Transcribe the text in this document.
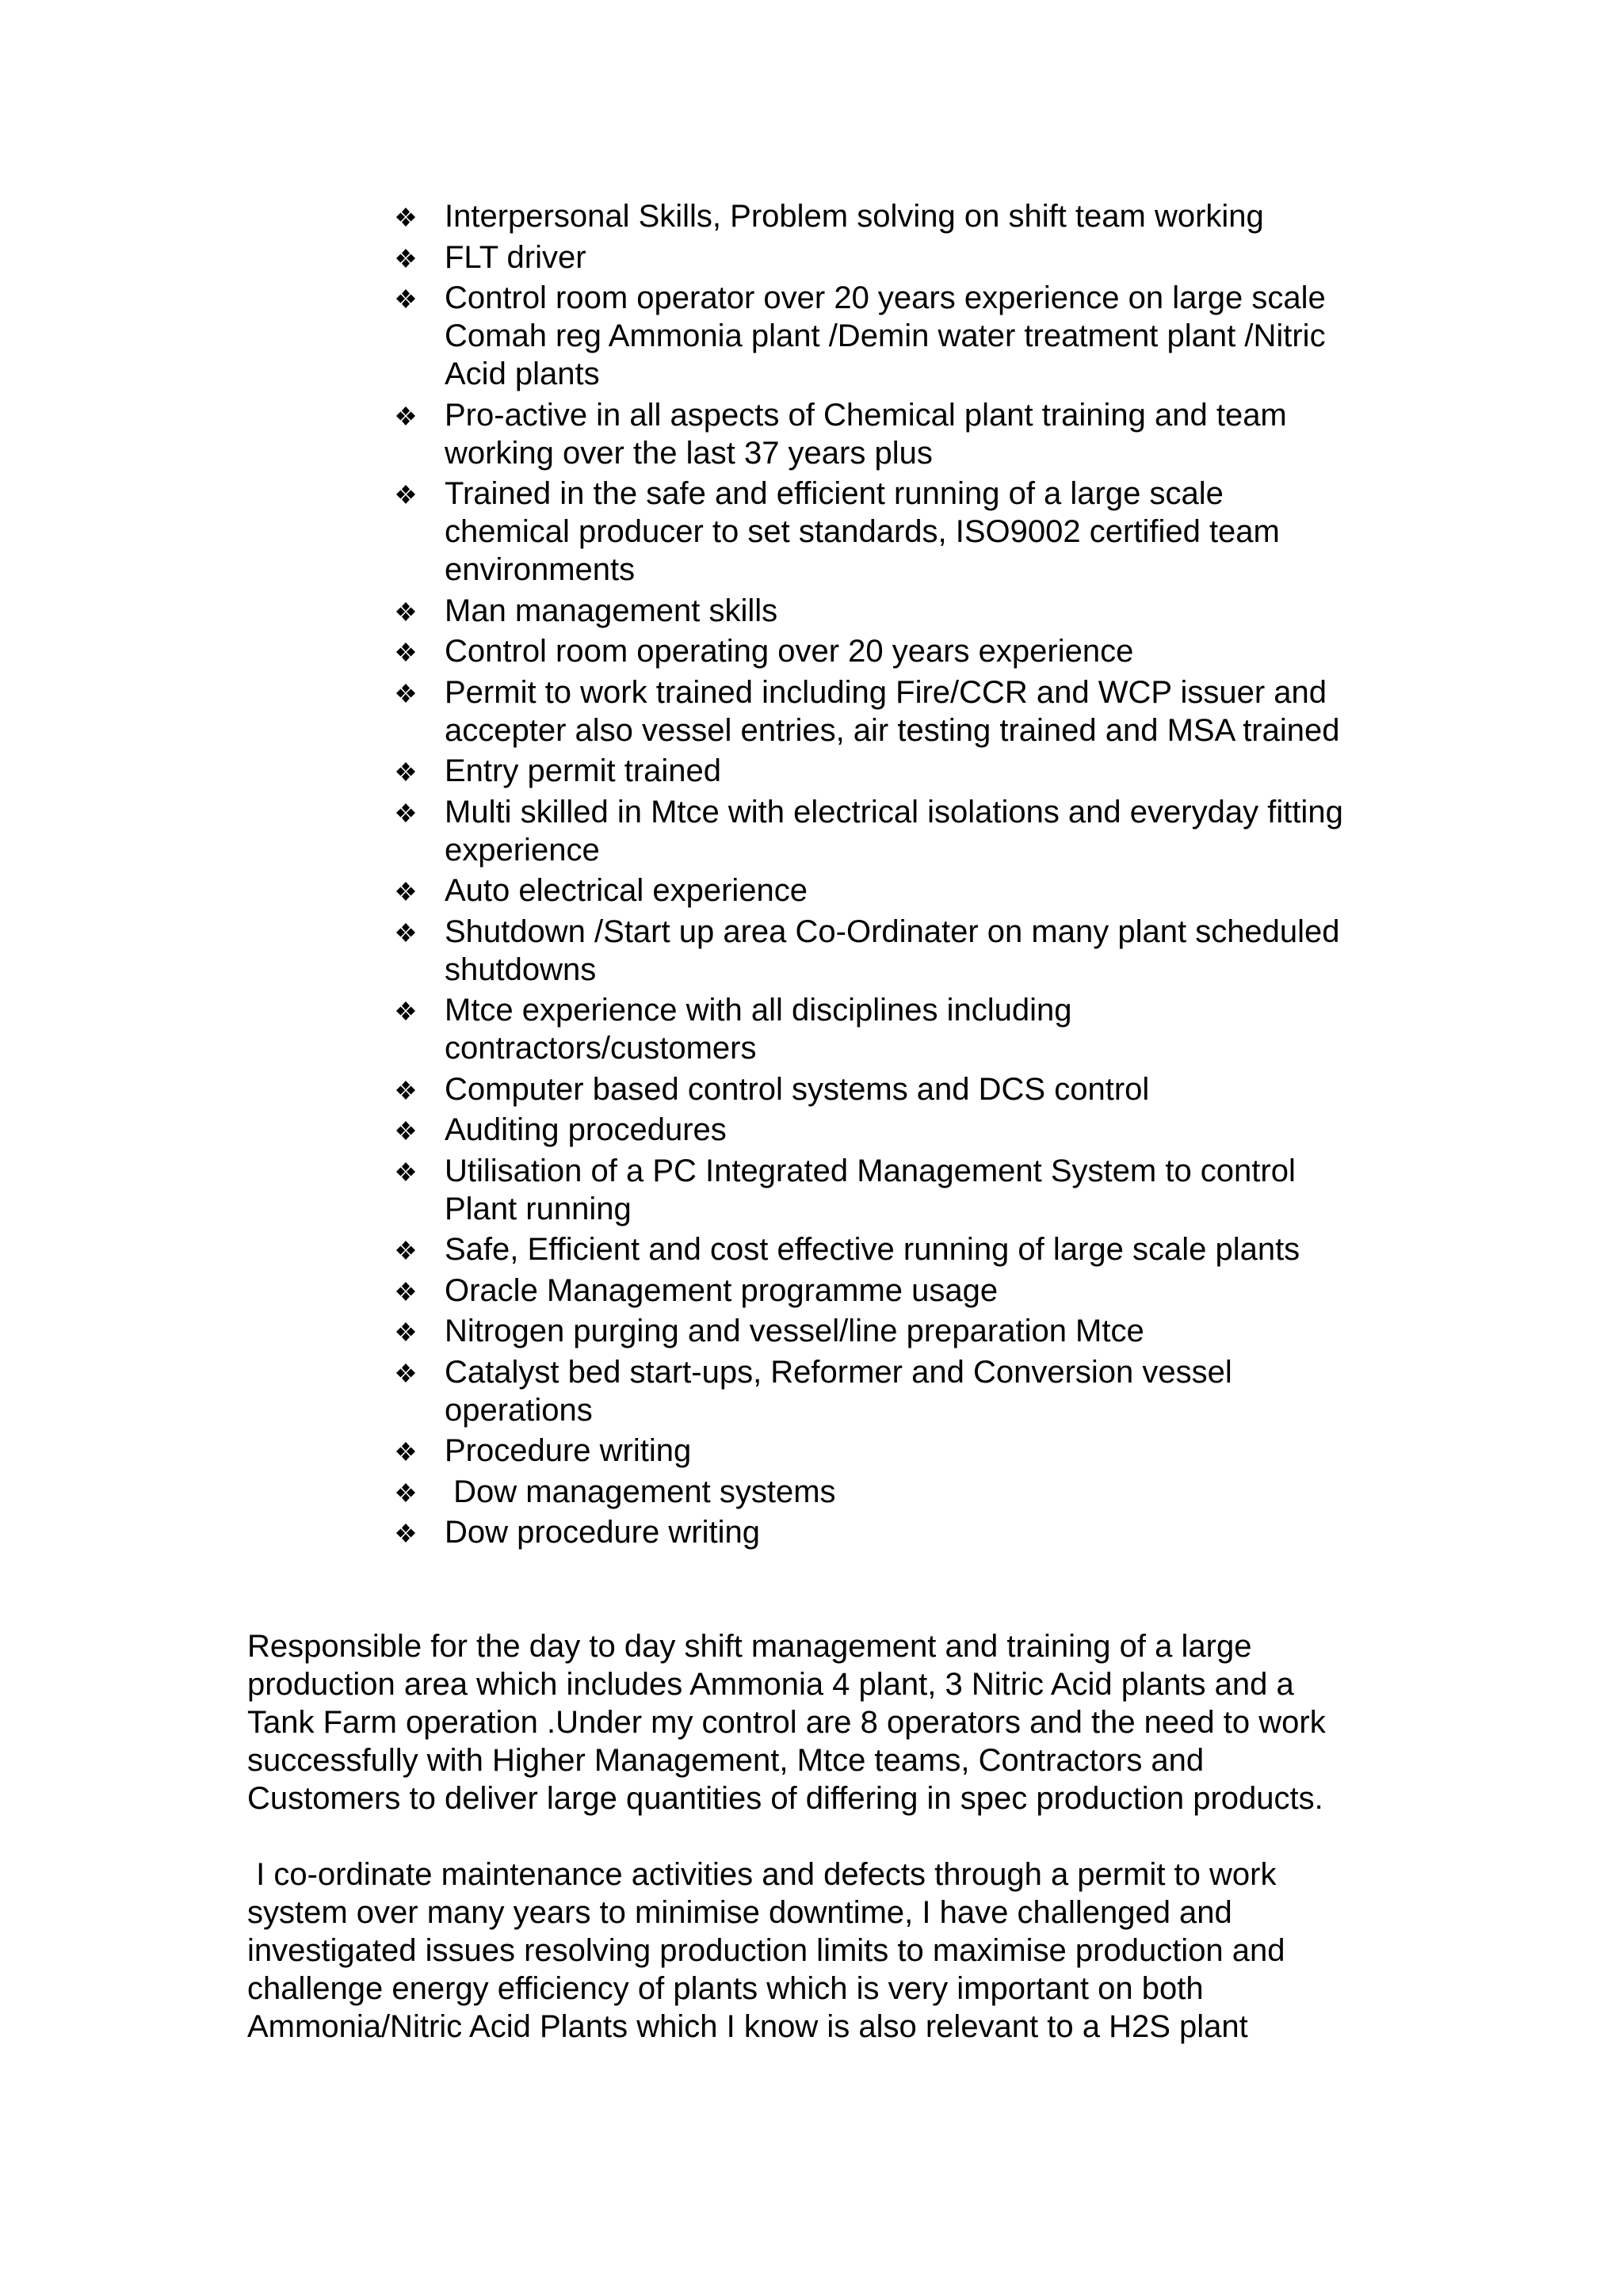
Interpersonal Skills, Problem solving on shift team working
FLT driver
Control room operator over 20 years experience on large scale
Comah reg Ammonia plant /Demin water treatment plant /Nitric
Acid plants
Pro-active in all aspects of Chemical plant training and team
working over the last 37 years plus
Trained in the safe and efficient running of a large scale
chemical producer to set standards, ISO9002 certified team
environments
Man management skills
Control room operating over 20 years experience
Permit to work trained including Fire/CCR and WCP issuer and
accepter also vessel entries, air testing trained and MSA trained
Entry permit trained
Multi skilled in Mtce with electrical isolations and everyday fitting
experience
Auto electrical experience
Shutdown /Start up area Co-Ordinater on many plant scheduled
shutdowns
Mtce experience with all disciplines including
contractors/customers
Computer based control systems and DCS control
Auditing procedures
Utilisation of a PC Integrated Management System to control
Plant running
Safe, Efficient and cost effective running of large scale plants
Oracle Management programme usage
Nitrogen purging and vessel/line preparation Mtce
Catalyst bed start-ups, Reformer and Conversion vessel
operations
Procedure writing
Dow management systems
Dow procedure writing

Responsible for the day to day shift management and training of a large
production area which includes Ammonia 4 plant, 3 Nitric Acid plants and a
Tank Farm operation .Under my control are 8 operators and the need to work
successfully with Higher Management, Mtce teams, Contractors and
Customers to deliver large quantities of differing in spec production products.

I co-ordinate maintenance activities and defects through a permit to work
system over many years to minimise downtime, I have challenged and
investigated issues resolving production limits to maximise production and
challenge energy efficiency of plants which is very important on both
Ammonia/Nitric Acid Plants which I know is also relevant to a H2S plant
